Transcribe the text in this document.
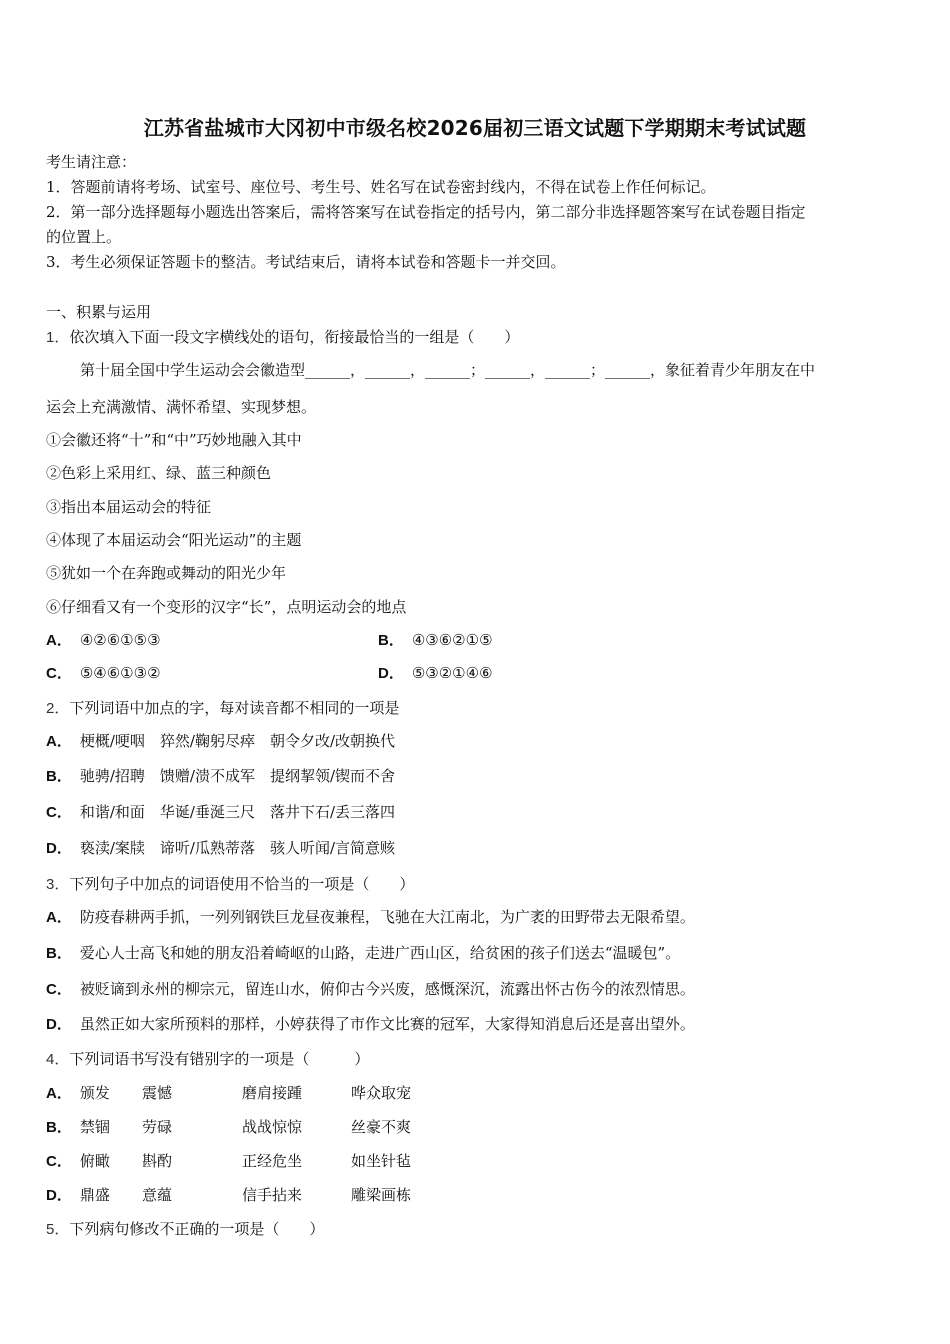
江苏省盐城市大冈初中市级名校2026届初三语文试题下学期期末考试试题
考生请注意：
1．答题前请将考场、试室号、座位号、考生号、姓名写在试卷密封线内，不得在试卷上作任何标记。
2．第一部分选择题每小题选出答案后，需将答案写在试卷指定的括号内，第二部分非选择题答案写在试卷题目指定
的位置上。
3．考生必须保证答题卡的整洁。考试结束后，请将本试卷和答题卡一并交回。
一、积累与运用
1．依次填入下面一段文字横线处的语句，衔接最恰当的一组是（　　）
第十届全国中学生运动会会徽造型______，______，______；______，______；______，象征着青少年朋友在中
运会上充满激情、满怀希望、实现梦想。
①会徽还将“十”和“中”巧妙地融入其中
②色彩上采用红、绿、蓝三种颜色
③指出本届运动会的特征
④体现了本届运动会“阳光运动”的主题
⑤犹如一个在奔跑或舞动的阳光少年
⑥仔细看又有一个变形的汉字“长”，点明运动会的地点
A． ④②⑥①⑤③	B． ④③⑥②①⑤
C． ⑤④⑥①③②	D． ⑤③②①④⑥
2．下列词语中加点的字，每对读音都不相同的一项是
A． 梗概/哽咽　猝然/鞠躬尽瘁　朝令夕改/改朝换代
B． 驰骋/招聘　馈赠/溃不成军　提纲挈领/锲而不舍
C． 和谐/和面　华诞/垂涎三尺　落井下石/丢三落四
D． 亵渎/案牍　谛听/瓜熟蒂落　骇人听闻/言简意赅
3．下列句子中加点的词语使用不恰当的一项是（　　）
A． 防疫春耕两手抓，一列列钢铁巨龙昼夜兼程，飞驰在大江南北，为广袤的田野带去无限希望。
B． 爱心人士高飞和她的朋友沿着崎岖的山路，走进广西山区，给贫困的孩子们送去“温暖包”。
C． 被贬谪到永州的柳宗元，留连山水，俯仰古今兴废，感慨深沉，流露出怀古伤今的浓烈情思。
D． 虽然正如大家所预料的那样，小婷获得了市作文比赛的冠军，大家得知消息后还是喜出望外。
4．下列词语书写没有错别字的一项是（　　　）
A． 颁发 震憾	磨肩接踵	哗众取宠
B． 禁锢 劳碌	战战惊惊	丝豪不爽
C． 俯瞰 斟酌	正经危坐	如坐针毡
D． 鼎盛 意蕴	信手拈来	雕梁画栋
5．下列病句修改不正确的一项是（　　）
